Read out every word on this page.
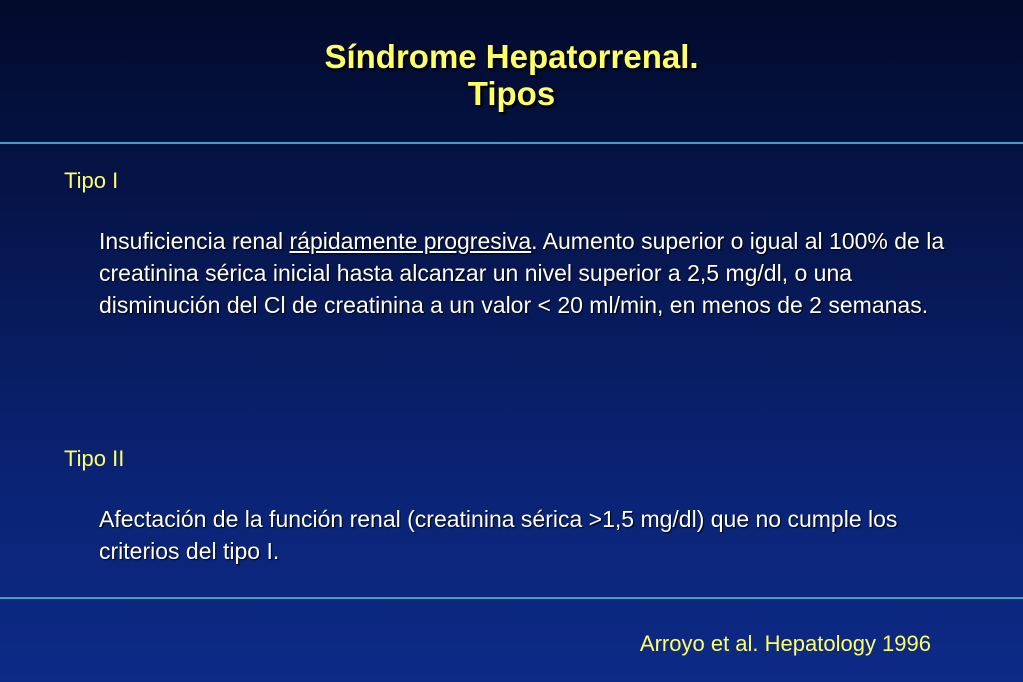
Síndrome Hepatorrenal.
Tipos
Tipo I
Insuficiencia renal rápidamente progresiva. Aumento superior o igual al 100% de la creatinina sérica inicial hasta alcanzar un nivel superior a 2,5 mg/dl, o una disminución del Cl de creatinina a un valor < 20 ml/min, en menos de 2 semanas.
Tipo II
Afectación de la función renal (creatinina sérica >1,5 mg/dl) que no cumple los criterios del tipo I.
Arroyo et al. Hepatology 1996
